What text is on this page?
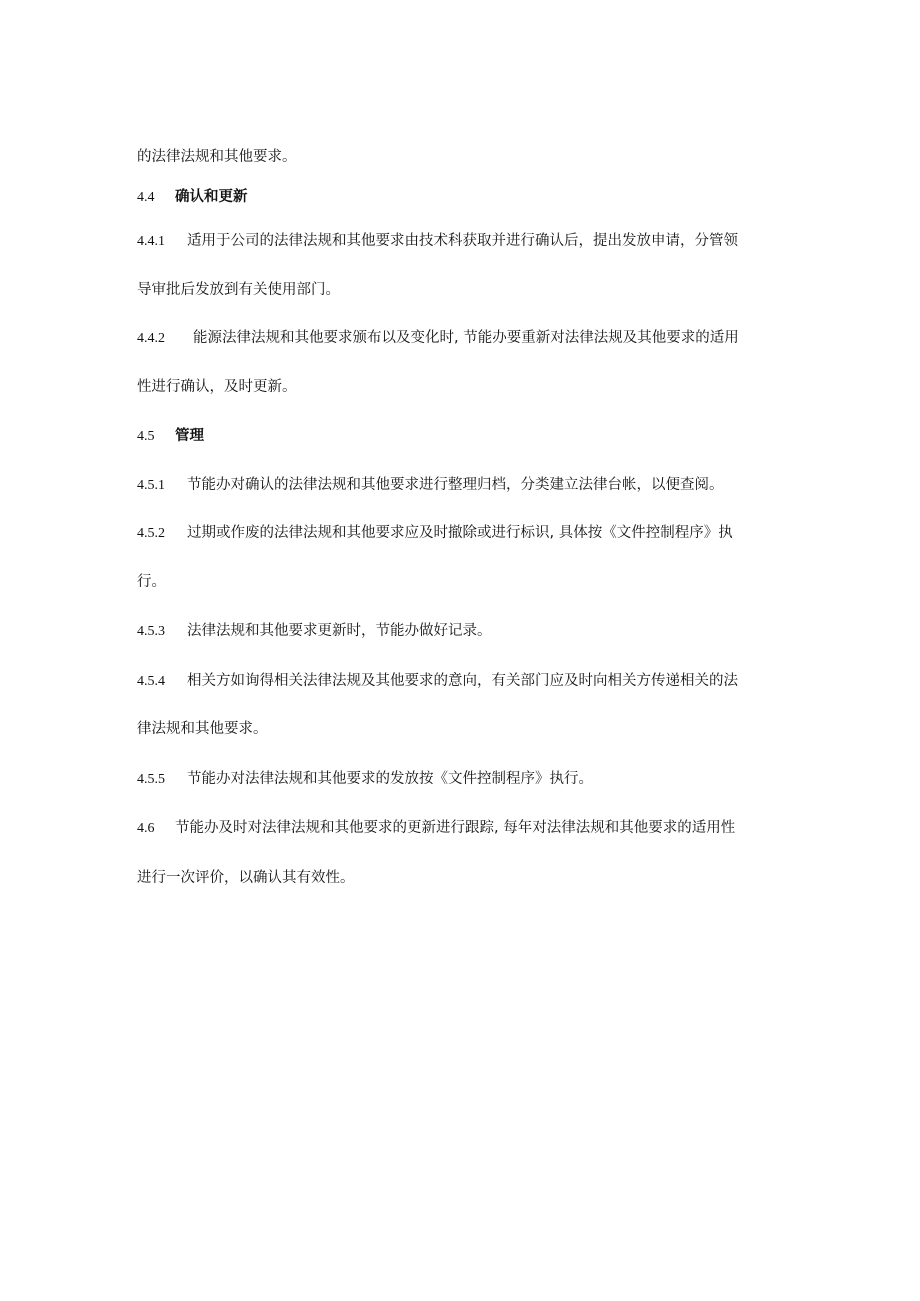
的法律法规和其他要求。
4.4 确认和更新
4.4.1 适用于公司的法律法规和其他要求由技术科获取并进行确认后，提出发放申请，分管领
导审批后发放到有关使用部门。
4.4.2 能源法律法规和其他要求颁布以及变化时, 节能办要重新对法律法规及其他要求的适用
性进行确认，及时更新。
4.5 管理
4.5.1 节能办对确认的法律法规和其他要求进行整理归档，分类建立法律台帐，以便查阅。
4.5.2 过期或作废的法律法规和其他要求应及时撤除或进行标识, 具体按《文件控制程序》执
行。
4.5.3 法律法规和其他要求更新时，节能办做好记录。
4.5.4 相关方如询得相关法律法规及其他要求的意向，有关部门应及时向相关方传递相关的法
律法规和其他要求。
4.5.5 节能办对法律法规和其他要求的发放按《文件控制程序》执行。
4.6 节能办及时对法律法规和其他要求的更新进行跟踪, 每年对法律法规和其他要求的适用性
进行一次评价，以确认其有效性。
